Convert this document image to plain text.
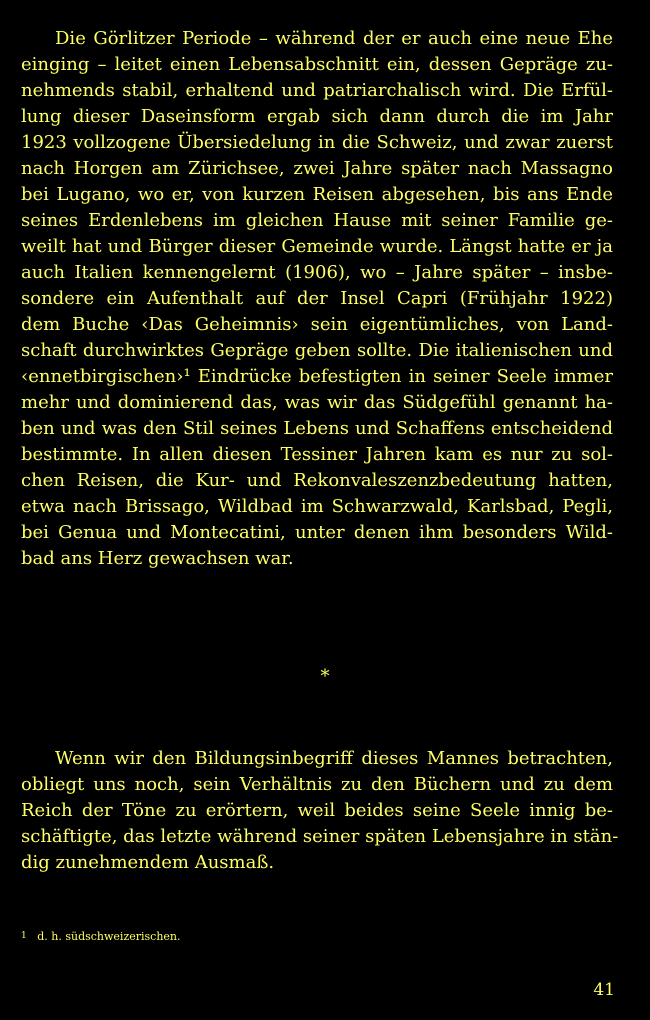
Die Görlitzer Periode – während der er auch eine neue Ehe
einging – leitet einen Lebensabschnitt ein, dessen Gepräge zu-
nehmends stabil, erhaltend und patriarchalisch wird. Die Erfül-
lung dieser Daseinsform ergab sich dann durch die im Jahr
1923 vollzogene Übersiedelung in die Schweiz, und zwar zuerst
nach Horgen am Zürichsee, zwei Jahre später nach Massagno
bei Lugano, wo er, von kurzen Reisen abgesehen, bis ans Ende
seines Erdenlebens im gleichen Hause mit seiner Familie ge-
weilt hat und Bürger dieser Gemeinde wurde. Längst hatte er ja
auch Italien kennengelernt (1906), wo – Jahre später – insbe-
sondere ein Aufenthalt auf der Insel Capri (Frühjahr 1922)
dem Buche ‹Das Geheimnis› sein eigentümliches, von Land-
schaft durchwirktes Gepräge geben sollte. Die italienischen und
‹ennetbirgischen›¹ Eindrücke befestigten in seiner Seele immer
mehr und dominierend das, was wir das Südgefühl genannt ha-
ben und was den Stil seines Lebens und Schaffens entscheidend
bestimmte. In allen diesen Tessiner Jahren kam es nur zu sol-
chen Reisen, die Kur- und Rekonvaleszenzbedeutung hatten,
etwa nach Brissago, Wildbad im Schwarzwald, Karlsbad, Pegli,
bei Genua und Montecatini, unter denen ihm besonders Wild-
bad ans Herz gewachsen war.
*
Wenn wir den Bildungsinbegriff dieses Mannes betrachten,
obliegt uns noch, sein Verhältnis zu den Büchern und zu dem
Reich der Töne zu erörtern, weil beides seine Seele innig be-
schäftigte, das letzte während seiner späten Lebensjahre in stän-
dig zunehmendem Ausmaß.
$^1$ d. h. südschweizerischen.
41
